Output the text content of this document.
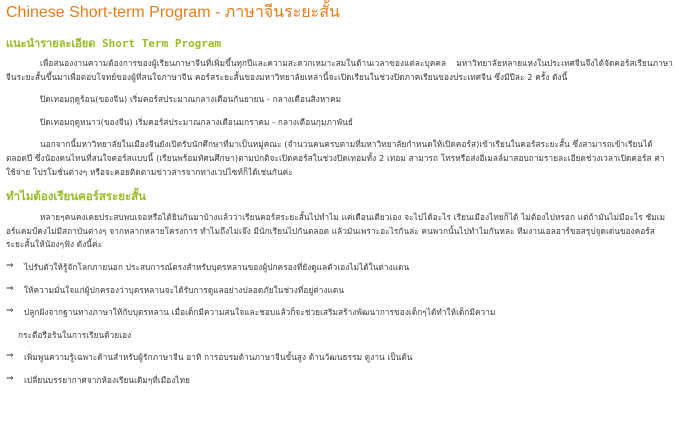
Chinese Short-term Program - ภาษาจีนระยะสั้น
แนะนำรายละเอียด Short Term Program

เพื่อสนองงานความต้องการของผู้เรียนภาษาจีนที่เพิ่มขึ้นทุกปีและความสะดวกเหมาะสมในด้านเวลาของแต่ละบุคคล มหาวิทยาลัยหลายแห่งในประเทศจีนจึงได้จัดคอร์สเรียนภาษาจีนระยะสั้นขึ้นมาเพื่อตอบโจทย์ของผู้ที่สนใจภาษาจีน คอร์สระยะสั้นของมหาวิทยาลัยเหล่านี้จะเปิดเรียนในช่วงปิดภาคเรียนของประเทศจีน ซึ่งมีปีละ 2 ครั้ง ดังนี้

ปิดเทอมฤดูร้อน(ของจีน) เริ่มคอร์สประมาณกลางเดือนกันยายน - กลางเดือนสิงหาคม

ปิดเทอมฤดูหนาว(ของจีน) เริ่มคอร์สประมาณกลางเดือนมกราคม - กลางเดือนกุมภาพันธ์

นอกจากนี้มหาวิทยาลัยในเมืองจีนยังเปิดรับนักศึกษาที่มาเป็นหมู่คณะ (จำนวนคนครบตามที่มหาวิทยาลัยกำหนดให้เปิดคอร์ส)เข้าเรียนในคอร์สระยะสั้น ซึ่งสามารถเข้าเรียนได้ตลอดปี ซึ่งน้องคนไหนที่สนใจคอร์สแบบนี้ (เรียนพร้อมทัศนศึกษา)ตามปกติจะเปิดคอร์สในช่วงปิดเทอมทั้ง 2 เทอม สามารถ โทรหรือส่งอีเมลล์มาสอบถามรายละเอียดช่วงเวลาเปิดคอร์ส ค่าใช้จ่าย โปรโมชั่นต่างๆ หรือจะคอยติดตามข่าวสารจากทางเวปไซท์ก็ได้เช่นกันค่ะ

ทำไมต้องเรียนคอร์สระยะสั้น

หลายๆคนคงเคยประสบพบเจอหรือได้ยินกันมาบ้างแล้วว่าเรียนคอร์สระยะสั้นไปทำไม แค่เดือนเดียวเอง จะไปได้อะไร เรียนเมืองไทยก็ได้ ไม่ต้องไปหรอก แต่ถ้ามันไม่มีอะไร ชัมเมอร์แคมป์คงไม่มีสถาบันต่างๆ จากหลากหลายโครงการ ทำไมถึงไม่เจ๊ง มีนักเรียนไปกันตลอด แล้วมันเพราะอะไรกันล่ะ คนพวกนั้นไปทำไมกันหละ ทีมงานเอลอาร์ขอสรุปจุดเด่นของคอร์สระยะสั้นให้น้องๆฟัง ดังนี้ค่ะ

⇒	ไปรับตัวให้รู้จักโลกภายนอก ประสบการณ์ตรงสำหรับบุตรหลานของผู้ปกครองที่ยังดูแลตัวเองไม่ได้ในต่างแดน

⇒	ให้ความมั่นใจแก่ผู้ปกครองว่าบุตรหลานจะได้รับการดูแลอย่างปลอดภัยในช่วงที่อยู่ต่างแดน

⇒	ปลูกฝังจากฐานทางภาษาให้กับบุตรหลาน เมื่อเด็กมีความสนใจและชอบแล้วก็จะช่วยเสริมสร้างพัฒนาการของเด็กๆได้ทำให้เด็กมีความ

กระตือรือร้นในการเรียนด้วยเอง

⇒	เพิ่มพูนความรู้เฉพาะด้านสำหรับผู้รักภาษาจีน อาทิ การอบรมด้านภาษาจีนขั้นสูง ด้านวัฒนธรรม ดูงาน เป็นต้น

⇒	เปลี่ยนบรรยากาศจากห้องเรียนเดิมๆที่เมืองไทย
